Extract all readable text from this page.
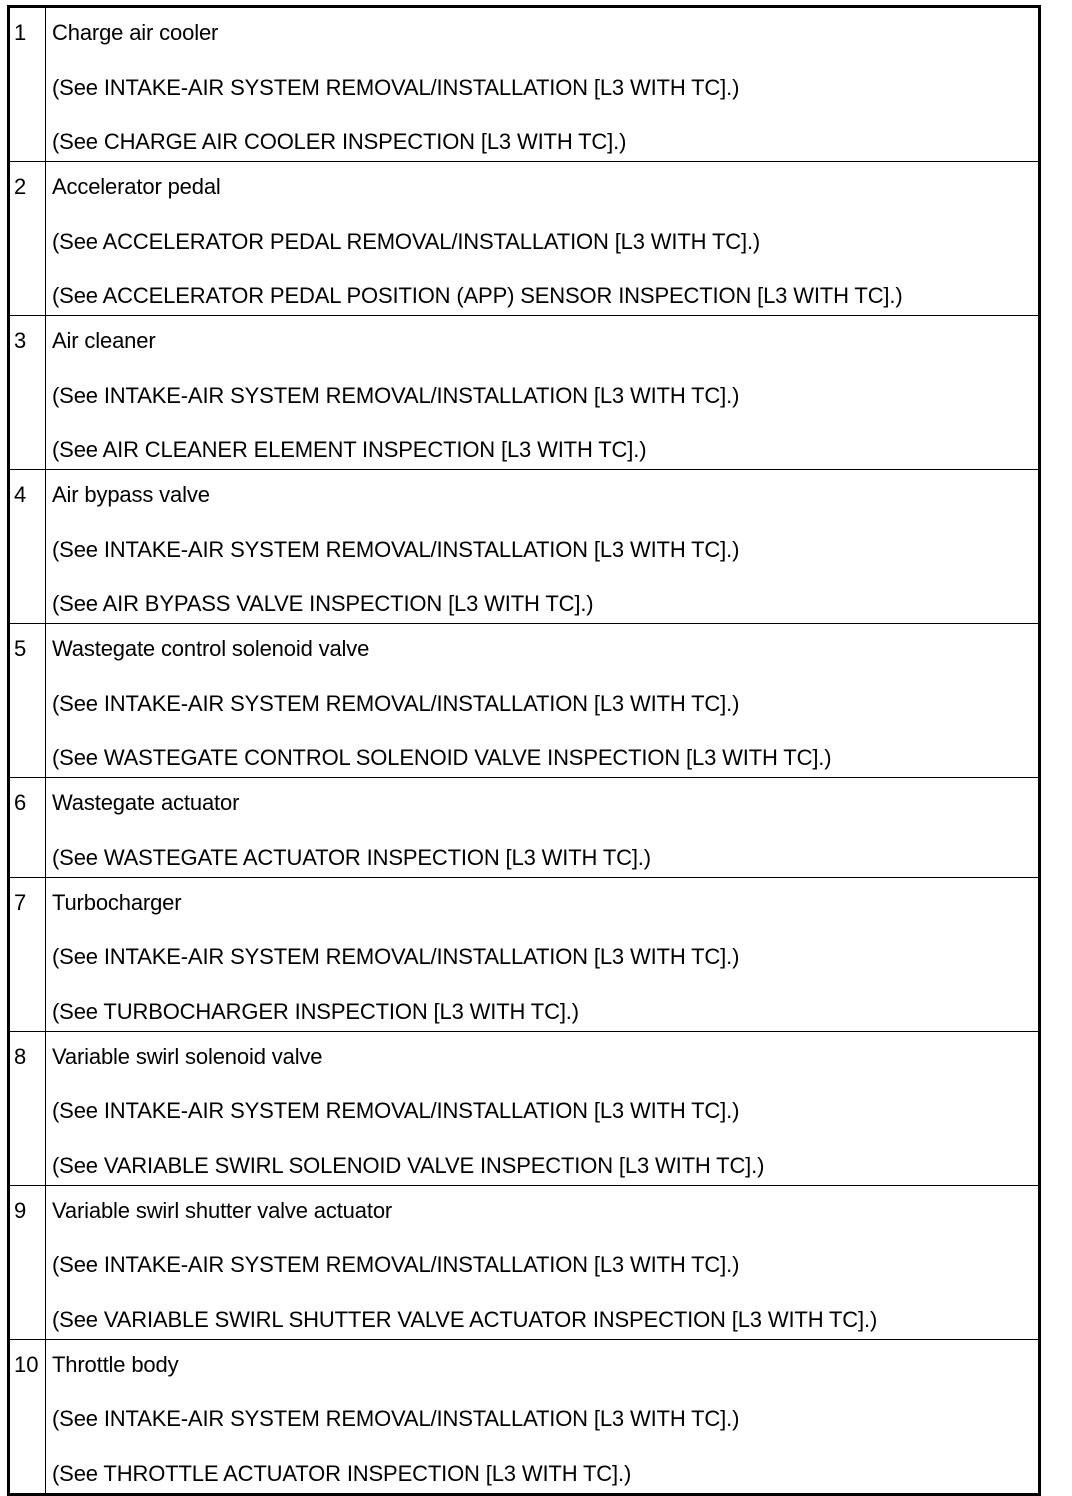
1	Charge air cooler
(See INTAKE-AIR SYSTEM REMOVAL/INSTALLATION [L3 WITH TC].)
(See CHARGE AIR COOLER INSPECTION [L3 WITH TC].)

2	Accelerator pedal
(See ACCELERATOR PEDAL REMOVAL/INSTALLATION [L3 WITH TC].)
(See ACCELERATOR PEDAL POSITION (APP) SENSOR INSPECTION [L3 WITH TC].)

3	Air cleaner
(See INTAKE-AIR SYSTEM REMOVAL/INSTALLATION [L3 WITH TC].)
(See AIR CLEANER ELEMENT INSPECTION [L3 WITH TC].)

4	Air bypass valve
(See INTAKE-AIR SYSTEM REMOVAL/INSTALLATION [L3 WITH TC].)
(See AIR BYPASS VALVE INSPECTION [L3 WITH TC].)

5	Wastegate control solenoid valve
(See INTAKE-AIR SYSTEM REMOVAL/INSTALLATION [L3 WITH TC].)
(See WASTEGATE CONTROL SOLENOID VALVE INSPECTION [L3 WITH TC].)

6	Wastegate actuator
(See WASTEGATE ACTUATOR INSPECTION [L3 WITH TC].)

7	Turbocharger
(See INTAKE-AIR SYSTEM REMOVAL/INSTALLATION [L3 WITH TC].)
(See TURBOCHARGER INSPECTION [L3 WITH TC].)

8	Variable swirl solenoid valve
(See INTAKE-AIR SYSTEM REMOVAL/INSTALLATION [L3 WITH TC].)
(See VARIABLE SWIRL SOLENOID VALVE INSPECTION [L3 WITH TC].)

9	Variable swirl shutter valve actuator
(See INTAKE-AIR SYSTEM REMOVAL/INSTALLATION [L3 WITH TC].)
(See VARIABLE SWIRL SHUTTER VALVE ACTUATOR INSPECTION [L3 WITH TC].)

10	Throttle body
(See INTAKE-AIR SYSTEM REMOVAL/INSTALLATION [L3 WITH TC].)
(See THROTTLE ACTUATOR INSPECTION [L3 WITH TC].)
